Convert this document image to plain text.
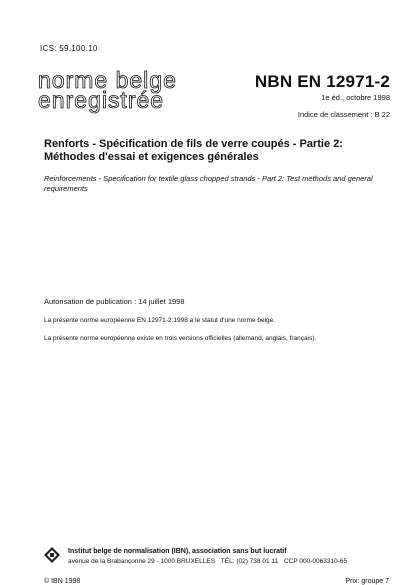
ICS: 59.100.10
norme belge
enregistrée
NBN EN 12971-2
1e éd., octobre 1998
Indice de classement : B 22
Renforts - Spécification de fils de verre coupés - Partie 2: Méthodes d'essai et exigences générales
Reinforcements - Specification for textile glass chopped strands - Part 2: Test methods and general requirements
Autorisation de publication : 14 juillet 1998
La présente norme européenne EN 12971-2:1998 a le statut d'une norme belge.
La présente norme européenne existe en trois versions officielles (allemand, anglais, français).
Institut belge de normalisation (IBN), association sans but lucratif
avenue de la Brabançonne 29 - 1000 BRUXELLES TÉL: (02) 738 01 11 CCP 000-0063310-65
© IBN 1998	Prix: groupe 7
